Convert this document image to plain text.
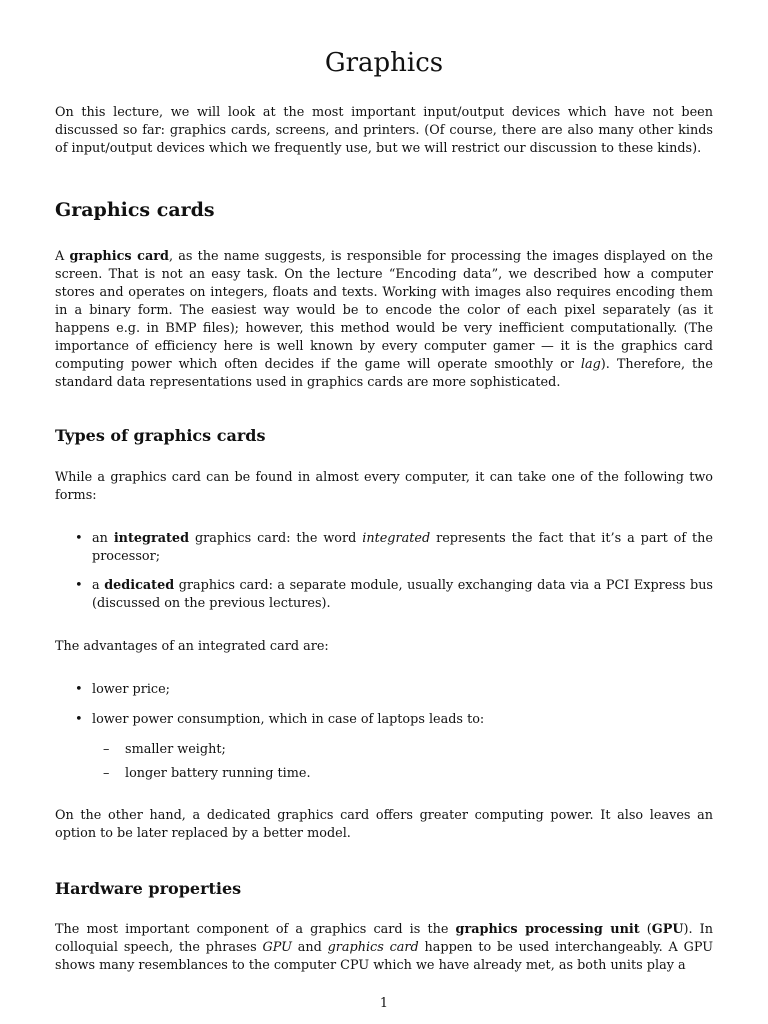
Graphics

On this lecture, we will look at the most important input/output devices which have not been discussed so far: graphics cards, screens, and printers. (Of course, there are also many other kinds of input/output devices which we frequently use, but we will restrict our discussion to these kinds).

Graphics cards

A graphics card, as the name suggests, is responsible for processing the images displayed on the screen. That is not an easy task. On the lecture “Encoding data”, we described how a computer stores and operates on integers, floats and texts. Working with images also requires encoding them in a binary form. The easiest way would be to encode the color of each pixel separately (as it happens e.g. in BMP files); however, this method would be very inefficient computationally. (The importance of efficiency here is well known by every computer gamer — it is the graphics card computing power which often decides if the game will operate smoothly or lag). Therefore, the standard data representations used in graphics cards are more sophisticated.

Types of graphics cards

While a graphics card can be found in almost every computer, it can take one of the following two forms:

• an integrated graphics card: the word integrated represents the fact that it’s a part of the processor;
• a dedicated graphics card: a separate module, usually exchanging data via a PCI Express bus (discussed on the previous lectures).

The advantages of an integrated card are:

• lower price;
• lower power consumption, which in case of laptops leads to:
– smaller weight;
– longer battery running time.

On the other hand, a dedicated graphics card offers greater computing power. It also leaves an option to be later replaced by a better model.

Hardware properties

The most important component of a graphics card is the graphics processing unit (GPU). In colloquial speech, the phrases GPU and graphics card happen to be used interchangeably. A GPU shows many resemblances to the computer CPU which we have already met, as both units play a

1
